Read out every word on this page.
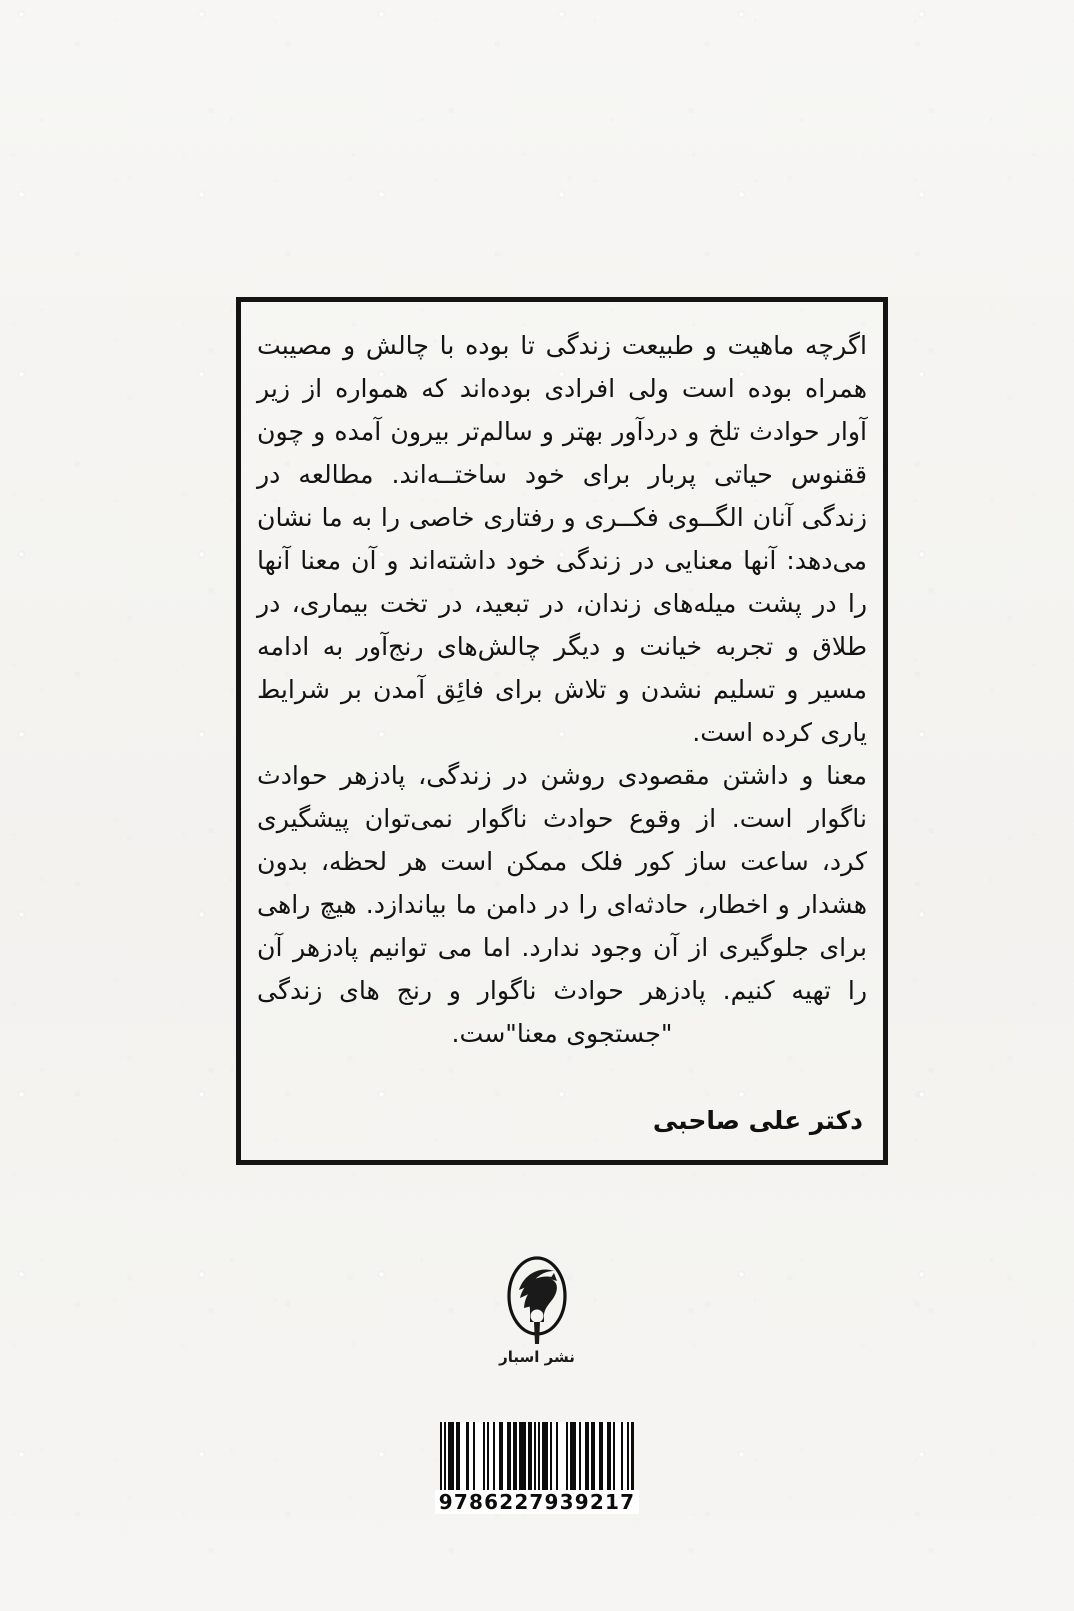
اگرچه ماهیت و طبیعت زندگی تا بوده با چالش و مصیبت همراه بوده است ولی افرادی بوده‌اند که همواره از زیر آوار حوادث تلخ و دردآور بهتر و سالم‌تر بیرون آمده و چون ققنوس حیاتی پربار برای خود ساختــه‌اند. مطالعه در زندگی آنان الگــوی فکــری و رفتاری خاصی را به ما نشان می‌دهد: آنها معنایی در زندگی خود داشته‌اند و آن معنا آنها را در پشت میله‌های زندان، در تبعید، در تخت بیماری، در طلاق و تجربه خیانت و دیگر چالش‌های رنج‌آور به ادامه مسیر و تسلیم نشدن و تلاش برای فائِق آمدن بر شرایط یاری کرده است.

معنا و داشتن مقصودی روشن در زندگی، پادزهر حوادث ناگوار است. از وقوع حوادث ناگوار نمی‌توان پیشگیری کرد، ساعت ساز کور فلک ممکن است هر لحظه، بدون هشدار و اخطار، حادثه‌ای را در دامن ما بیاندازد. هیچ راهی برای جلوگیری از آن وجود ندارد. اما می توانیم پادزهر آن را تهیه کنیم. پادزهر حوادث ناگوار و رنج های زندگی "جستجوی معنا"ست.

دکتر علی صاحبی
نشر اسبار
9786227939217
